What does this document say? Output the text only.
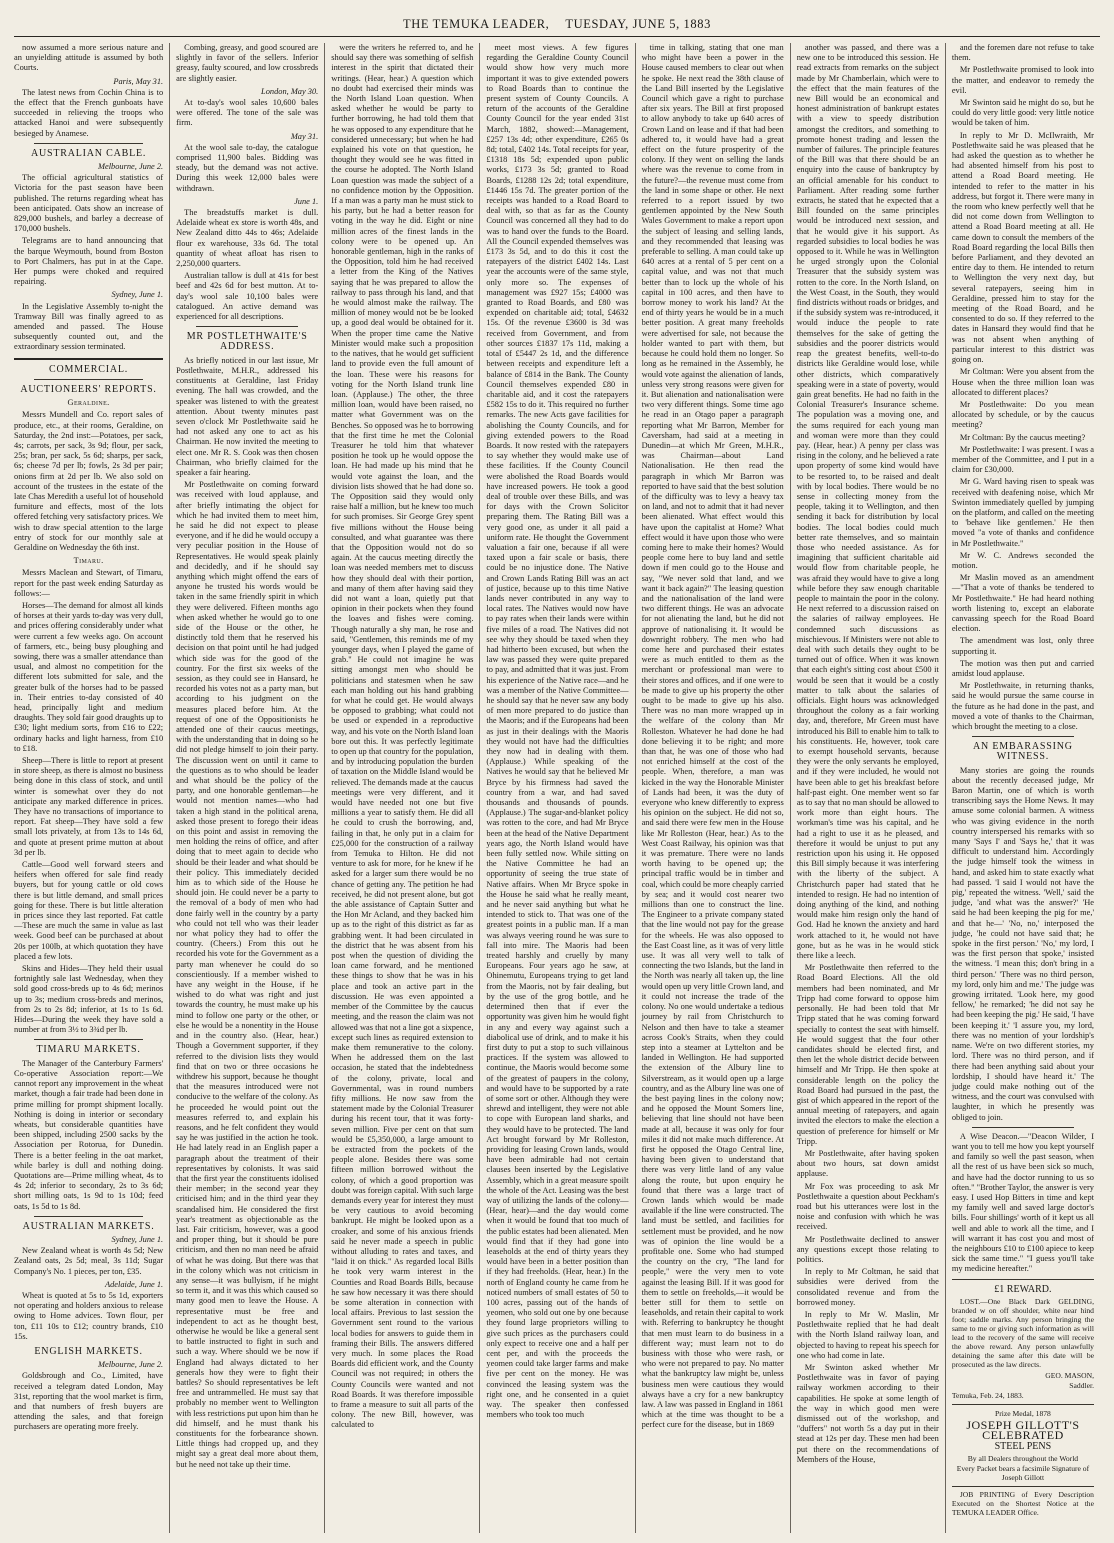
THE TEMUKA LEADER, TUESDAY, JUNE 5, 1883

now assumed a more serious nature and an unyielding attitude is assumed by both Courts.

Paris, May 31.

The latest news from Cochin China is to the effect that the French gunboats have succeeded in relieving the troops who attacked Hanoi and were subsequently besieged by Anamese.

AUSTRALIAN CABLE.
Melbourne, June 2.

The official agricultural statistics of Victoria for the past season have been published. The returns regarding wheat has been anticipated. Oats show an increase of 829,000 bushels, and barley a decrease of 170,000 bushels.

Telegrams are to hand announcing that the barque Weymouth, bound from Boston to Port Chalmers, has put in at the Cape. Her pumps were choked and required repairing.

Sydney, June 1.

In the Legislative Assembly to-night the Tramway Bill was finally agreed to as amended and passed. The House subsequently counted out, and the extraordinary session terminated.

COMMERCIAL.
AUCTIONEERS' REPORTS.
Geraldine.

Messrs Mundell and Co. report sales of produce, etc., at their rooms, Geraldine, on Saturday, the 2nd inst:—Potatoes, per sack, 4s; carrots, per sack, 3s 9d; flour, per sack, 25s; bran, per sack, 5s 6d; sharps, per sack, 6s; cheese 7d per lb; fowls, 2s 3d per pair; onions firm at 2d per lb. We also sold on account of the trustees in the estate of the late Chas Meredith a useful lot of household furniture and effects, most of the lots offered fetching very satisfactory prices. We wish to draw special attention to the large entry of stock for our monthly sale at Geraldine on Wednesday the 6th inst.

Timaru.

Messrs Maclean and Stewart, of Timaru, report for the past week ending Saturday as follows:—

Horses—The demand for almost all kinds of horses at their yards to-day was very dull, and prices offering considerably under what were current a few weeks ago. On account of farmers, etc., being busy ploughing and sowing, there was a smaller attendance than usual, and almost no competition for the different lots submitted for sale, and the greater bulk of the horses had to be passed in. Their entries to-day consisted of 40 head, principally light and medium draughts. They sold fair good draughts up to £30; light medium sorts, from £16 to £22; ordinary hacks and light harness, from £10 to £18.

Sheep—There is little to report at present in store sheep, as there is almost no business being done in this class of stock, and until winter is somewhat over they do not anticipate any marked difference in prices. They have no transactions of importance to report. Fat sheep—They have sold a few small lots privately, at from 13s to 14s 6d, and quote at present prime mutton at about 3d per lb.

Cattle—Good well forward steers and heifers when offered for sale find ready buyers, but for young cattle or old cows there is but little demand, and small prices going for these. There is but little alteration in prices since they last reported. Fat cattle—These are much the same in value as last week. Good beef can be purchased at about 20s per 100lb, at which quotation they have placed a few lots.

Skins and Hides—They held their usual fortnightly sale last Wednesday, when they sold good cross-breds up to 4s 6d; merinos up to 3s; medium cross-breds and merinos, from 2s to 2s 8d; inferior, at 1s to 1s 6d. Hides—During the week they have sold a number at from 3½ to 3¾d per lb.

TIMARU MARKETS.

The Manager of the Canterbury Farmers' Co-operative Association report:—We cannot report any improvement in the wheat market, though a fair trade had been done in prime milling for prompt shipment locally. Nothing is doing in interior or secondary wheats, but considerable quantities have been shipped, including 2500 sacks by the Association per Rotorua, for Dunedin. There is a better feeling in the oat market, while barley is dull and nothing doing. Quotations are—Prime milling wheat, 4s to 4s 2d; inferior to secondary, 2s to 3s 6d; short milling oats, 1s 9d to 1s 10d; feed oats, 1s 5d to 1s 8d.

AUSTRALIAN MARKETS.
Sydney, June 1.

New Zealand wheat is worth 4s 5d; New Zealand oats, 2s 5d; meal, 3s 11d; Sugar Company's No. 1 pieces, per ton, £35.

Adelaide, June 1.

Wheat is quoted at 5s to 5s 1d, exporters not operating and holders anxious to release owing to Home advices. Town flour, per ton, £11 10s to £12; country brands, £10 15s.

ENGLISH MARKETS.
Melbourne, June 2.

Goldsbrough and Co., Limited, have received a telegram dated London, May 31st, reporting that the wool market is firm, and that numbers of fresh buyers are attending the sales, and that foreign purchasers are operating more freely.

Combing, greasy, and good scoured are slightly in favor of the sellers. Inferior greasy, faulty scoured, and low crossbreds are slightly easier.

London, May 30.

At to-day's wool sales 10,600 bales were offered. The tone of the sale was firm.

May 31.

At the wool sale to-day, the catalogue comprised 11,900 bales. Bidding was steady, but the demand was not active. During this week 12,000 bales were withdrawn.

June 1.

The breadstuffs market is dull. Adelaide wheat ex store is worth 48s, and New Zealand ditto 44s to 46s; Adelaide flour ex warehouse, 33s 6d. The total quantity of wheat afloat has risen to 2,250,000 quarters.

Australian tallow is dull at 41s for best beef and 42s 6d for best mutton. At to-day's wool sale 10,100 bales were catalogued. An active demand was experienced for all descriptions.

MR POSTLETHWAITE'S ADDRESS.

As briefly noticed in our last issue, Mr Postlethwaite, M.H.R., addressed his constituents at Geraldine, last Friday evening. The hall was crowded, and the speaker was listened to with the greatest attention. About twenty minutes past seven o'clock Mr Postlethwaite said he had not asked any one to act as his Chairman. He now invited the meeting to elect one. Mr R. S. Cook was then chosen Chairman, who briefly claimed for the speaker a fair hearing.

Mr Postlethwaite on coming forward was received with loud applause, and after briefly intimating the object for which he had invited them to meet him, he said he did not expect to please everyone, and if he did he would occupy a very peculiar position in the House of Representatives. He would speak plainly and decidedly, and if he should say anything which might offend the ears of anyone he trusted his words would be taken in the same friendly spirit in which they were delivered. Fifteen months ago when asked whether he would go to one side of the House or the other, he distinctly told them that he reserved his decision on that point until he had judged which side was for the good of the country. For the first six weeks of the session, as they could see in Hansard, he recorded his votes not as a party man, but according to his judgment on the measures placed before him. At the request of one of the Oppositionists he attended one of their caucus meetings, with the understanding that in doing so he did not pledge himself to join their party. The discussion went on until it came to the questions as to who should be leader and what should be the policy of the party, and one honorable gentleman—he would not mention names—who had taken a high stand in the political arena, asked those present to forego their ideas on this point and assist in removing the men holding the reins of office, and after doing that to meet again to decide who should be their leader and what should be their policy. This immediately decided him as to which side of the House he should join. He could never be a party to the removal of a body of men who had done fairly well in the country by a party who could not tell who was their leader nor what policy they had to offer the country. (Cheers.) From this out he recorded his vote for the Government as a party man whenever he could do so conscientiously. If a member wished to have any weight in the House, if he wished to do what was right and just towards the country, he must make up his mind to follow one party or the other, or else he would be a nonentity in the House and in the country also. (Hear, hear.) Though a Government supporter, if they referred to the division lists they would find that on two or three occasions he withdrew his support, because he thought that the measures introduced were not conducive to the welfare of the colony. As he proceeded he would point out the measures referred to, and explain his reasons, and he felt confident they would say he was justified in the action he took. He had lately read in an English paper a paragraph about the treatment of their representatives by colonists. It was said that the first year the constituents idolised their member; in the second year they criticised him; and in the third year they scandalised him. He considered the first year's treatment as objectionable as the last. Fair criticism, however, was a good and proper thing, but it should be pure criticism, and then no man need be afraid of what he was doing. But there was that in the colony which was not criticism in any sense—it was bullyism, if he might so term it, and it was this which caused so many good men to leave the House. A representative must be free and independent to act as he thought best, otherwise he would be like a general sent to battle instructed to fight in such and such a way. Where should we be now if England had always dictated to her generals how they were to fight their battles? So should representatives be left free and untrammelled. He must say that probably no member went to Wellington with less restrictions put upon him than he did himself, and he must thank his constituents for the forbearance shown. Little things had cropped up, and they might say a great deal more about them, but he need not take up their time.

were the writers he referred to, and he should say there was something of selfish interest in the spirit that dictated their writings. (Hear, hear.) A question which no doubt had exercised their minds was the North Island Loan question. When asked whether he would be party to further borrowing, he had told them that he was opposed to any expenditure that he considered unnecessary; but when he had explained his vote on that question, he thought they would see he was fitted in the course he adopted. The North Island Loan question was made the subject of a no confidence motion by the Opposition. If a man was a party man he must stick to his party, but he had a better reason for voting in the way he did. Eight or nine million acres of the finest lands in the colony were to be opened up. An honorable gentleman, high in the ranks of the Opposition, told him he had received a letter from the King of the Natives saying that he was prepared to allow the railway to pass through his land, and that he would almost make the railway. The million of money would not be be looked up, a good deal would be obtained for it. When the proper time came the Native Minister would make such a proposition to the natives, that he would get sufficient land to provide even the full amount of the loan. These were his reasons for voting for the North Island trunk line loan. (Applause.) The other, the three million loan, would have been raised, no matter what Government was on the Benches. So opposed was he to borrowing that the first time he met the Colonial Treasurer he told him that whatever position he took up he would oppose the loan. He had made up his mind that he would vote against the loan, and the division lists showed that he had done so. The Opposition said they would only raise half a million, but he knew too much for such promises. Sir George Grey spent five millions without the House being consulted, and what guarantee was there that the Opposition would not do so again. At the caucus meeting directly the loan was needed members met to discuss how they should deal with their portion, and many of them after having said they did not want a loan, quietly put that opinion in their pockets when they found the loaves and fishes were coming. Though naturally a shy man, he rose and said, "Gentlemen, this reminds me of my younger days, when I played the game of grab." He could not imagine he was sitting amongst men who should be politicians and statesmen when he saw each man holding out his hand grabbing for what he could get. He would always be opposed to grabbing; what could not be used or expended in a reproductive way, and his vote on the North Island loan bore out this. It was perfectly legitimate to open up that country for the population, and by introducing population the burden of taxation on the Middle Island would be relieved. The demands made at the caucus meetings were very different, and it would have needed not one but five millions a year to satisfy them. He did all he could to crush the borrowing, and, failing in that, he only put in a claim for £25,000 for the construction of a railway from Temuka to Hilton. He did not venture to ask for more, for he knew if he asked for a larger sum there would be no chance of getting any. The petition he had received, he did not present alone, but got the able assistance of Captain Sutter and the Hon Mr Acland, and they backed him up as to the right of this district as far as grabbing went. It had been circulated in the district that he was absent from his post when the question of dividing the loan came forward, and he mentioned these things to show that he was in his place and took an active part in the discussion. He was even appointed a member of the Committee by the caucus meeting, and the reason the claim was not allowed was that not a line got a sixpence, except such lines as required extension to make them remunerative to the colony. When he addressed them on the last occasion, he stated that the indebtedness of the colony, private, local and Governmental, was in round numbers fifty millions. He now saw from the statement made by the Colonial Treasurer during his recent tour, that it was forty-seven million. Five per cent on that sum would be £5,350,000, a large amount to be extracted from the pockets of the people alone. Besides there was some fifteen million borrowed without the colony, of which a good proportion was doubt was foreign capital. With such large demands every year for interest they must be very cautious to avoid becoming bankrupt. He might be looked upon as a croaker, and some of his anxious friends said he never made a speech in public without alluding to rates and taxes, and "laid it on thick." As regarded local Bills he took very warm interest in the Counties and Road Boards Bills, because he saw how necessary it was there should be some alteration in connection with local affairs. Previous to last session the Government sent round to the various local bodies for answers to guide them in framing their Bills. The answers differed very much. In some places the Road Boards did efficient work, and the County Council was not required; in others the County Councils were wanted and not Road Boards. It was therefore impossible to frame a measure to suit all parts of the colony. The new Bill, however, was calculated to

meet most views. A few figures regarding the Geraldine County Council would show how very much more important it was to give extended powers to Road Boards than to continue the present system of County Councils. A return of the accounts of the Geraldine County Council for the year ended 31st March, 1882, showed:—Management, £257 13s 4d; other expenditure, £265 0s 8d; total, £402 14s. Total receipts for year, £1318 18s 5d; expended upon public works, £173 3s 5d; granted to Road Boards, £1288 12s 2d; total expenditure, £1446 15s 7d. The greater portion of the receipts was handed to a Road Board to deal with, so that as far as the County Council was concerned all they had to do was to hand over the funds to the Board. All the Council expended themselves was £173 3s 5d, and to do this it cost the ratepayers of the district £402 14s. Last year the accounts were of the same style, only more so. The expenses of management was £927 15s; £4000 was granted to Road Boards, and £80 was expended on charitable aid; total, £4632 15s. Of the revenue £3600 is 3d was received from Government, and from other sources £1837 17s 11d, making a total of £5447 2s 1d, and the difference between receipts and expenditure left a balance of £814 in the Bank. The County Council themselves expended £80 in charitable aid, and it cost the ratepayers £582 15s to do it. This required no further remarks. The new Acts gave facilities for abolishing the County Councils, and for giving extended powers to the Road Boards. It now rested with the ratepayers to say whether they would make use of these facilities. If the County Council were abolished the Road Boards would have increased powers. He took a good deal of trouble over these Bills, and was for days with the Crown Solicitor preparing them. The Rating Bill was a very good one, as under it all paid a uniform rate. He thought the Government valuation a fair one, because if all were taxed upon a fair scale or basis, there could be no injustice done. The Native and Crown Lands Rating Bill was an act of justice, because up to this time Native lands never contributed in any way to local rates. The Natives would now have to pay rates when their lands were within five miles of a road. The Natives did not see why they should be taxed when they had hitherto been excused, but when the law was passed they were quite prepared to pay, and admitted that it was just. From his experience of the Native race—and he was a member of the Native Committee—he should say that he never saw any body of men more prepared to do justice than the Maoris; and if the Europeans had been as just in their dealings with the Maoris they would not have had the difficulties they now had in dealing with them. (Applause.) While speaking of the Natives he would say that he believed Mr Bryce by his firmness had saved the country from a war, and had saved thousands and thousands of pounds. (Applause.) The sugar-and-blanket policy was rotten to the core, and had Mr Bryce been at the head of the Native Department years ago, the North Island would have been fully settled now. While sitting on the Native Committee he had an opportunity of seeing the true state of Native affairs. When Mr Bryce spoke in the House he said what he really meant, and he never said anything but what he intended to stick to. That was one of the greatest points in a public man. If a man was always veering round he was sure to fall into mire. The Maoris had been treated harshly and cruelly by many Europeans. Four years ago he saw, at Ohinemutu, Europeans trying to get land from the Maoris, not by fair dealing, but by the use of the grog bottle, and he determined then that if ever the opportunity was given him he would fight in any and every way against such a diabolical use of drink, and to make it his first duty to put a stop to such villainous practices. If the system was allowed to continue, the Maoris would become some of the greatest of paupers in the colony, and would have to be supported by a rate of some sort or other. Although they were shrewd and intelligent, they were not able to cope with European land sharks, and they would have to be protected. The land Act brought forward by Mr Rolleston, providing for leasing Crown lands, would have been admirable had not certain clauses been inserted by the Legislative Assembly, which in a great measure spoilt the whole of the Act. Leasing was the best way of utilizing the lands of the colony—(Hear, hear)—and the day would come when it would be found that too much of the public estates had been alienated. Men would find that if they had gone into leaseholds at the end of thirty years they would have been in a better position than if they had freeholds. (Hear, hear.) In the north of England county he came from he noticed numbers of small estates of 50 to 100 acres, passing out of the hands of yeomen, who sold out one by one because they found large proprietors willing to give such prices as the purchasers could only expect to receive one and a half per cent per, and with the proceeds the yeomen could take larger farms and make five per cent on the money. He was convinced the leasing system was the right one, and he consented in a quiet way. The speaker then confessed members who took too much

time in talking, stating that one man who might have been a power in the House caused members to clear out when he spoke. He next read the 38th clause of the Land Bill inserted by the Legislative Council which gave a right to purchase after six years. The Bill at first proposed to allow anybody to take up 640 acres of Crown Land on lease and if that had been adhered to, it would have had a great effect on the future prosperity of the colony. If they went on selling the lands where was the revenue to come from in the future?—the revenue must come from the land in some shape or other. He next referred to a report issued by two gentlemen appointed by the New South Wales Government to make a report upon the subject of leasing and selling lands, and they recommended that leasing was preferable to selling. A man could take up 640 acres at a rental of 5 per cent on a capital value, and was not that much better than to lock up the whole of his capital in 100 acres, and then have to borrow money to work his land? At the end of thirty years he would be in a much better position. A great many freeholds were advertised for sale, not because the holder wanted to part with them, but because he could hold them no longer. So long as he remained in the Assembly, he would vote against the alienation of lands, unless very strong reasons were given for it. But alienation and nationalisation were two very different things. Some time ago he read in an Otago paper a paragraph reporting what Mr Barron, Member for Caversham, had said at a meeting in Dunedin—at which Mr Green, M.H.R., was Chairman—about Land Nationalisation. He then read the paragraph in which Mr Barron was reported to have said that the best solution of the difficulty was to levy a heavy tax on land, and not to admit that it had never been alienated. What effect would this have upon the capitalist at Home? What effect would it have upon those who were coming here to make their homes? Would people come here to buy land and settle down if men could go to the House and say, "We never sold that land, and we want it back again?" The leasing question and the nationalisation of the land were two different things. He was an advocate for not alienating the land, but he did not approve of nationalising it. It would be downright robbery. The men who had come here and purchased their estates were as much entitled to them as the merchant or professional man were to their stores and offices, and if one were to be made to give up his property the other ought to be made to give up his also. There was no man more wrapped up in the welfare of the colony than Mr Rolleston. Whatever he had done he had done believing it to be right; and more than that, he was one of those who had not enriched himself at the cost of the people. When, therefore, a man was kicked in the way the Honorable Minister of Lands had been, it was the duty of everyone who knew differently to express his opinion on the subject. He did not so, and said there were few men in the House like Mr Rolleston (Hear, hear.) As to the West Coast Railway, his opinion was that it was premature. There were no lands worth having to be opened up; the principal traffic would be in timber and coal, which could be more cheaply carried by sea; and it would cost nearer two millions than one to construct the line. The Engineer to a private company stated that the line would not pay for the grease for the wheels. He was also opposed to the East Coast line, as it was of very little use. It was all very well to talk of connecting the two Islands, but the land in the North was nearly all taken up, the line would open up very little Crown land, and it could not increase the trade of the colony. No one would undertake a tedious journey by rail from Christchurch to Nelson and then have to take a steamer across Cook's Straits, when they could step into a steamer at Lyttelton and be landed in Wellington. He had supported the extension of the Albury line to Silverstream, as it would open up a large country, and as the Albury line was one of the best paying lines in the colony now; and he opposed the Mount Somers line, believing that line should not have been made at all, because it was only for four miles it did not make much difference. At first he opposed the Otago Central line, having been given to understand that there was very little land of any value along the route, but upon enquiry he found that there was a large tract of Crown lands which would be made available if the line were constructed. The land must be settled, and facilities for settlement must be provided, and he now was of opinion the line would be a profitable one. Some who had stumped the country on the cry, "The land for people," were the very men to vote against the leasing Bill. If it was good for them to settle on freeholds,—it would be better still for them to settle on leaseholds, and retain their capital to work with. Referring to bankruptcy he thought that men must learn to do business in a different way; must learn not to do business with those who were rash, or who were not prepared to pay. No matter what the bankruptcy law might be, unless business men were cautious they would always have a cry for a new bankruptcy law. A law was passed in England in 1861 which at the time was thought to be a perfect cure for the disease, but in 1869

another was passed, and there was a new one to be introduced this session. He read extracts from remarks on the subject made by Mr Chamberlain, which were to the effect that the main features of the new Bill would be an economical and honest administration of bankrupt estates with a view to speedy distribution amongst the creditors, and something to promote honest trading and lessen the number of failures. The principle features of the Bill was that there should be an enquiry into the cause of bankruptcy by an official amenable for his conduct to Parliament. After reading some further extracts, he stated that he expected that a Bill founded on the same principles would be introduced next session, and that he would give it his support. As regarded subsidies to local bodies he was opposed to it. While he was in Wellington he urged strongly upon the Colonial Treasurer that the subsidy system was rotten to the core. In the North Island, on the West Coast, in the South, they would find districts without roads or bridges, and if the subsidy system was re-introduced, it would induce the people to rate themselves for the sake of getting the subsidies and the poorer districts would reap the greatest benefits, well-to-do districts like Geraldine would lose, while other districts, which comparatively speaking were in a state of poverty, would gain great benefits. He had no faith in the Colonial Treasurer's Insurance scheme. The population was a moving one, and the sums required for each young man and woman were more than they could pay. (Hear, hear.) A penny per class was rising in the colony, and he believed a rate upon property of some kind would have to be resorted to, to be raised and dealt with by local bodies. There would be no sense in collecting money from the people, taking it to Wellington, and then sending it back for distribution by local bodies. The local bodies could much better rate themselves, and so maintain those who needed assistance. As for imagining that sufficient charitable aid would flow from charitable people, he was afraid they would have to give a long while before they saw enough charitable people to maintain the poor in the colony. He next referred to a discussion raised on the salaries of railway employees. He condemned such discussions as mischievous. If Ministers were not able to deal with such details they ought to be turned out of office. When it was known that each eight's sitting cost about £500 it would be seen that it would be a costly matter to talk about the salaries of officials. Eight hours was acknowledged throughout the colony as a fair working day, and, therefore, Mr Green must have introduced his Bill to enable him to talk to his constituents. He, however, took care to exempt household servants, because they were the only servants he employed, and if they were included, he would not have been able to get his breakfast before half-past eight. One member went so far as to say that no man should be allowed to work more than eight hours. The workman's time was his capital, and he had a right to use it as he pleased, and therefore it would be unjust to put any restriction upon his using it. He opposed this Bill simply because it was interfering with the liberty of the subject. A Christchurch paper had stated that he intended to resign. He had no intention of doing anything of the kind, and nothing would make him resign only the hand of God. Had he known the anxiety and hard work attached to it, he would not have gone, but as he was in he would stick there like a leech.

Mr Postlethwaite then referred to the Road Board Elections. All the old members had been nominated, and Mr Tripp had come forward to oppose him personally. He had been told that Mr Tripp stated that he was coming forward specially to contest the seat with himself. He would suggest that the four other candidates should be elected first, and then let the whole district decide between himself and Mr Tripp. He then spoke at considerable length on the policy the Road Board had pursued in the past, the gist of which appeared in the report of the annual meeting of ratepayers, and again invited the electors to make the election a question of preference for himself or Mr Tripp.

Mr Postlethwaite, after having spoken about two hours, sat down amidst applause.

Mr Fox was proceeding to ask Mr Postlethwaite a question about Peckham's road but his utterances were lost in the noise and confusion with which he was received.

Mr Postlethwaite declined to answer any questions except those relating to politics.

In reply to Mr Coltman, he said that subsidies were derived from the consolidated revenue and from the borrowed money.

In reply to Mr W. Maslin, Mr Postlethwaite replied that he had dealt with the North Island railway loan, and objected to having to repeat his speech for one who had come in late.

Mr Swinton asked whether Mr Postlethwaite was in favor of paying railway workmen according to their capabilities. He spoke at some length of the way in which good men were dismissed out of the workshop, and "duffers" not worth 5s a day put in their stead at 12s per day. These men had been put there on the recommendations of Members of the House,

and the foremen dare not refuse to take them.

Mr Postlethwaite promised to look into the matter, and endeavor to remedy the evil.

Mr Swinton said he might do so, but he could do very little good: very little notice would be taken of him.

In reply to Mr D. McIlwraith, Mr Postlethwaite said he was pleased that he had asked the question as to whether he had absented himself from his post to attend a Road Board meeting. He intended to refer to the matter in his address, but forgot it. There were many in the room who knew perfectly well that he did not come down from Wellington to attend a Road Board meeting at all. He came down to consult the members of the Road Board regarding the local Bills then before Parliament, and they devoted an entire day to them. He intended to return to Wellington the very next day, but several ratepayers, seeing him in Geraldine, pressed him to stay for the meeting of the Road Board, and he consented to do so. If they referred to the dates in Hansard they would find that he was not absent when anything of particular interest to this district was going on.

Mr Coltman: Were you absent from the House when the three million loan was allocated to different places?

Mr Postlethwaite: Do you mean allocated by schedule, or by the caucus meeting?

Mr Coltman: By the caucus meeting?

Mr Postlethwaite: I was present. I was a member of the Committee, and I put in a claim for £30,000.

Mr G. Ward having risen to speak was received with deafening noise, which Mr Swinton immediately quelled by jumping on the platform, and called on the meeting to 'behave like gentlemen.' He then moved "a vote of thanks and confidence in Mr Postlethwaite."

Mr W. C. Andrews seconded the motion.

Mr Maslin moved as an amendment—"That a vote of thanks be tendered to Mr Postlethwaite." He had heard nothing worth listening to, except an elaborate canvassing speech for the Road Board election.

The amendment was lost, only three supporting it.

The motion was then put and carried amidst loud applause.

Mr Postlethwaite, in returning thanks, said he would pursue the same course in the future as he had done in the past, and moved a vote of thanks to the Chairman, which brought the meeting to a close.

AN EMBARASSING WITNESS.

Many stories are going the rounds about the recently deceased judge, Mr Baron Martin, one of which is worth transcribing says the Home News. It may amuse some colonial barmen. A witness who was giving evidence in the north country interspersed his remarks with so many 'Says I' and 'Says he,' that it was difficult to understand him. Accordingly the judge himself took the witness in hand, and asked him to state exactly what had passed. 'I said I would not have the pig,' repeated the witness. 'Well,' said the judge, 'and what was the answer?' 'He said he had been keeping the pig for me,' and that he—' 'No, no,' interposed the judge, 'he could not have said that; he spoke in the first person.' 'No,' my lord, I was the first person that spoke,' insisted the witness. 'I mean this; don't bring in a third person.' 'There was no third person, my lord, only him and me.' The judge was growing irritated. 'Look here, my good fellow,' he remarked; 'he did not say he had been keeping the pig.' He said, 'I have been keeping it.' 'I assure you, my lord, there was no mention of your lordship's name. We're on two different stories, my lord. There was no third person, and if there had been anything said about your lordship, I should have heard it.' The judge could make nothing out of the witness, and the court was convulsed with laughter, in which he presently was obliged to join.

A Wise Deacon.—"Deacon Wilder, I want you to tell me how you kept yourself and family so well the past season, when all the rest of us have been sick so much, and have had the doctor running to us so often." "Brother Taylor, the answer is very easy. I used Hop Bitters in time and kept my family well and saved large doctor's bills. Four shillings' worth of it kept us all well and able to work all the time, and I will warrant it has cost you and most of the neighbours £10 to £100 apiece to keep sick the same time." "I guess you'll take my medicine hereafter."

£1 REWARD.

LOST.—One Black Dark GELDING, branded w on off shoulder, white near hind foot; saddle marks. Any person bringing the same to me or giving such information as will lead to the recovery of the same will receive the above reward. Any person unlawfully detaining the same after this date will be prosecuted as the law directs.

GEO. MASON,
Saddler.
Temuka, Feb. 24, 1883.
Prize Medal, 1878
JOSEPH GILLOTT'S CELEBRATED
STEEL PENS
By all Dealers throughout the World
Every Packet bears a facsimile Signature of Joseph Gillott

JOB PRINTING of Every Description Executed on the Shortest Notice at the TEMUKA LEADER Office.
